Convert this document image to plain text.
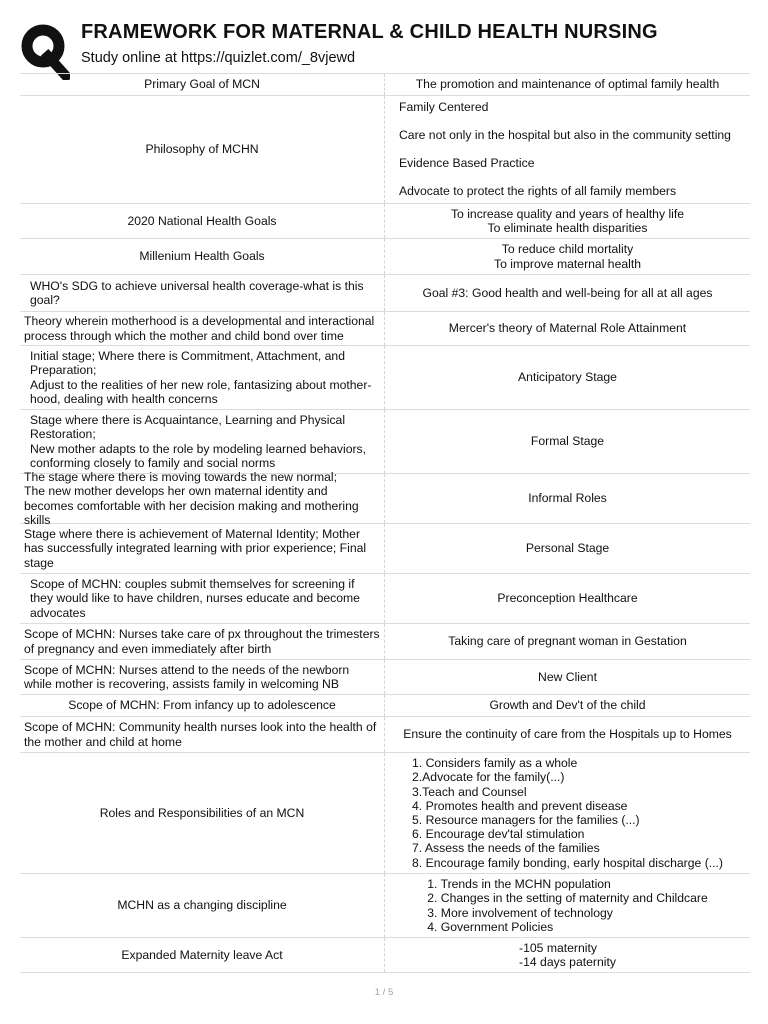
FRAMEWORK FOR MATERNAL & CHILD HEALTH NURSING
Study online at https://quizlet.com/_8vjewd
Primary Goal of MCN	The promotion and maintenance of optimal family health
Philosophy of MCHN
Family Centered
Care not only in the hospital but also in the community setting
Evidence Based Practice
Advocate to protect the rights of all family members
2020 National Health Goals
To increase quality and years of healthy life
To eliminate health disparities
Millenium Health Goals
To reduce child mortality
To improve maternal health
WHO's SDG to achieve universal health coverage-what is this goal?
Goal #3: Good health and well-being for all at all ages
Theory wherein motherhood is a developmental and interactional process through which the mother and child bond over time
Mercer's theory of Maternal Role Attainment
Initial stage; Where there is Commitment, Attachment, and Preparation;
Adjust to the realities of her new role, fantasizing about mother-hood, dealing with health concerns
Anticipatory Stage
Stage where there is Acquaintance, Learning and Physical Restoration;
New mother adapts to the role by modeling learned behaviors, conforming closely to family and social norms
Formal Stage
The stage where there is moving towards the new normal;
The new mother develops her own maternal identity and becomes comfortable with her decision making and mothering skills
Informal Roles
Stage where there is achievement of Maternal Identity; Mother has successfully integrated learning with prior experience; Final stage
Personal Stage
Scope of MCHN: couples submit themselves for screening if they would like to have children, nurses educate and become advocates
Preconception Healthcare
Scope of MCHN: Nurses take care of px throughout the trimesters of pregnancy and even immediately after birth
Taking care of pregnant woman in Gestation
Scope of MCHN: Nurses attend to the needs of the newborn while mother is recovering, assists family in welcoming NB
New Client
Scope of MCHN: From infancy up to adolescence	Growth and Dev't of the child
Scope of MCHN: Community health nurses look into the health of the mother and child at home
Ensure the continuity of care from the Hospitals up to Homes
Roles and Responsibilities of an MCN
1. Considers family as a whole
2.Advocate for the family(...)
3.Teach and Counsel
4. Promotes health and prevent disease
5. Resource managers for the families (...)
6. Encourage dev'tal stimulation
7. Assess the needs of the families
8. Encourage family bonding, early hospital discharge (...)
MCHN as a changing discipline
1. Trends in the MCHN population
2. Changes in the setting of maternity and Childcare
3. More involvement of technology
4. Government Policies
Expanded Maternity leave Act
-105 maternity
-14 days paternity
1 / 5
